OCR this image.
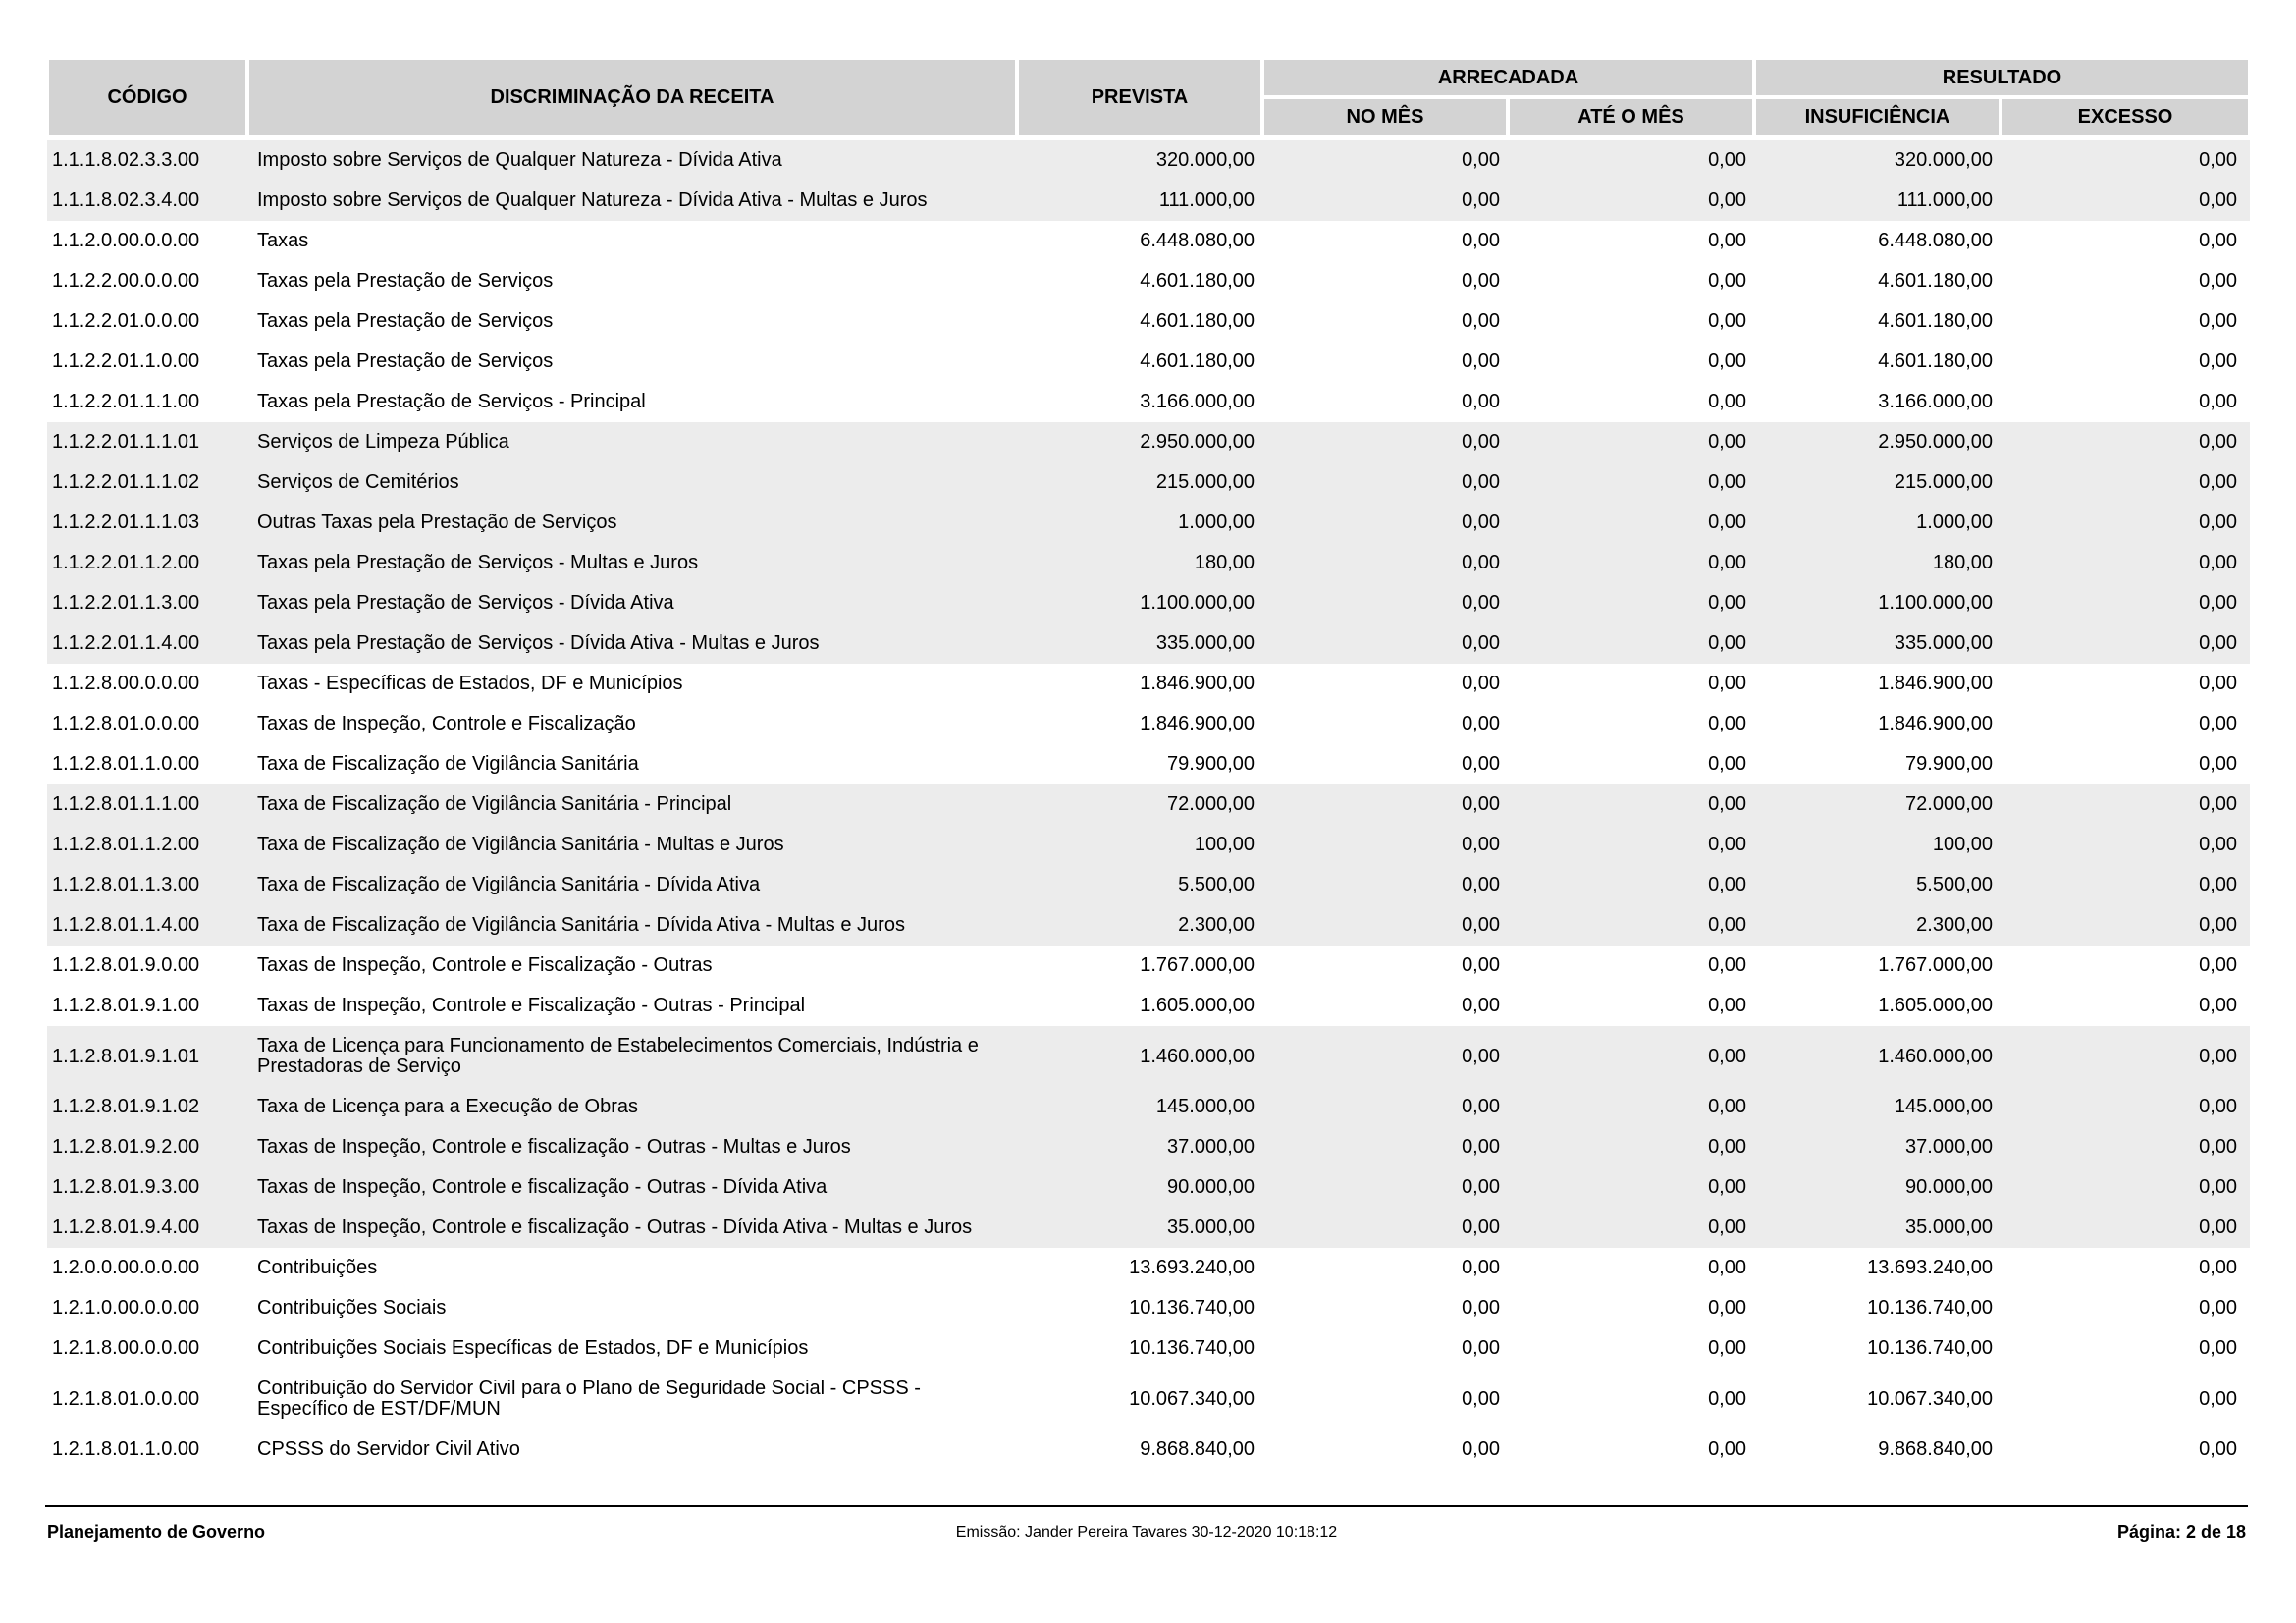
CÓDIGO	DISCRIMINAÇÃO DA RECEITA	PREVISTA	ARRECADADA		RESULTADO	
			NO MÊS	ATÉ O MÊS	INSUFICIÊNCIA	EXCESSO
1.1.1.8.02.3.3.00	Imposto sobre Serviços de Qualquer Natureza - Dívida Ativa	320.000,00	0,00	0,00	320.000,00	0,00
1.1.1.8.02.3.4.00	Imposto sobre Serviços de Qualquer Natureza - Dívida Ativa - Multas e Juros	111.000,00	0,00	0,00	111.000,00	0,00
1.1.2.0.00.0.0.00	Taxas	6.448.080,00	0,00	0,00	6.448.080,00	0,00
1.1.2.2.00.0.0.00	Taxas pela Prestação de Serviços	4.601.180,00	0,00	0,00	4.601.180,00	0,00
1.1.2.2.01.0.0.00	Taxas pela Prestação de Serviços	4.601.180,00	0,00	0,00	4.601.180,00	0,00
1.1.2.2.01.1.0.00	Taxas pela Prestação de Serviços	4.601.180,00	0,00	0,00	4.601.180,00	0,00
1.1.2.2.01.1.1.00	Taxas pela Prestação de Serviços - Principal	3.166.000,00	0,00	0,00	3.166.000,00	0,00
1.1.2.2.01.1.1.01	Serviços de Limpeza Pública	2.950.000,00	0,00	0,00	2.950.000,00	0,00
1.1.2.2.01.1.1.02	Serviços de Cemitérios	215.000,00	0,00	0,00	215.000,00	0,00
1.1.2.2.01.1.1.03	Outras Taxas pela Prestação de Serviços	1.000,00	0,00	0,00	1.000,00	0,00
1.1.2.2.01.1.2.00	Taxas pela Prestação de Serviços - Multas e Juros	180,00	0,00	0,00	180,00	0,00
1.1.2.2.01.1.3.00	Taxas pela Prestação de Serviços - Dívida Ativa	1.100.000,00	0,00	0,00	1.100.000,00	0,00
1.1.2.2.01.1.4.00	Taxas pela Prestação de Serviços - Dívida Ativa - Multas e Juros	335.000,00	0,00	0,00	335.000,00	0,00
1.1.2.8.00.0.0.00	Taxas - Específicas de Estados, DF e Municípios	1.846.900,00	0,00	0,00	1.846.900,00	0,00
1.1.2.8.01.0.0.00	Taxas de Inspeção, Controle e Fiscalização	1.846.900,00	0,00	0,00	1.846.900,00	0,00
1.1.2.8.01.1.0.00	Taxa de Fiscalização de Vigilância Sanitária	79.900,00	0,00	0,00	79.900,00	0,00
1.1.2.8.01.1.1.00	Taxa de Fiscalização de Vigilância Sanitária - Principal	72.000,00	0,00	0,00	72.000,00	0,00
1.1.2.8.01.1.2.00	Taxa de Fiscalização de Vigilância Sanitária - Multas e Juros	100,00	0,00	0,00	100,00	0,00
1.1.2.8.01.1.3.00	Taxa de Fiscalização de Vigilância Sanitária - Dívida Ativa	5.500,00	0,00	0,00	5.500,00	0,00
1.1.2.8.01.1.4.00	Taxa de Fiscalização de Vigilância Sanitária - Dívida Ativa - Multas e Juros	2.300,00	0,00	0,00	2.300,00	0,00
1.1.2.8.01.9.0.00	Taxas de Inspeção, Controle e Fiscalização - Outras	1.767.000,00	0,00	0,00	1.767.000,00	0,00
1.1.2.8.01.9.1.00	Taxas de Inspeção, Controle e Fiscalização - Outras - Principal	1.605.000,00	0,00	0,00	1.605.000,00	0,00
1.1.2.8.01.9.1.01	Taxa de Licença para Funcionamento de Estabelecimentos Comerciais, Indústria e Prestadoras de Serviço	1.460.000,00	0,00	0,00	1.460.000,00	0,00
1.1.2.8.01.9.1.02	Taxa de Licença para a Execução de Obras	145.000,00	0,00	0,00	145.000,00	0,00
1.1.2.8.01.9.2.00	Taxas de Inspeção, Controle e fiscalização - Outras - Multas e Juros	37.000,00	0,00	0,00	37.000,00	0,00
1.1.2.8.01.9.3.00	Taxas de Inspeção, Controle e fiscalização - Outras - Dívida Ativa	90.000,00	0,00	0,00	90.000,00	0,00
1.1.2.8.01.9.4.00	Taxas de Inspeção, Controle e fiscalização - Outras - Dívida Ativa - Multas e Juros	35.000,00	0,00	0,00	35.000,00	0,00
1.2.0.0.00.0.0.00	Contribuições	13.693.240,00	0,00	0,00	13.693.240,00	0,00
1.2.1.0.00.0.0.00	Contribuições Sociais	10.136.740,00	0,00	0,00	10.136.740,00	0,00
1.2.1.8.00.0.0.00	Contribuições Sociais Específicas de Estados, DF e Municípios	10.136.740,00	0,00	0,00	10.136.740,00	0,00
1.2.1.8.01.0.0.00	Contribuição do Servidor Civil para o Plano de Seguridade Social - CPSSS - Específico de EST/DF/MUN	10.067.340,00	0,00	0,00	10.067.340,00	0,00
1.2.1.8.01.1.0.00	CPSSS do Servidor Civil Ativo	9.868.840,00	0,00	0,00	9.868.840,00	0,00
Planejamento de Governo	Emissão: Jander Pereira Tavares 30-12-2020 10:18:12	Página: 2 de 18
